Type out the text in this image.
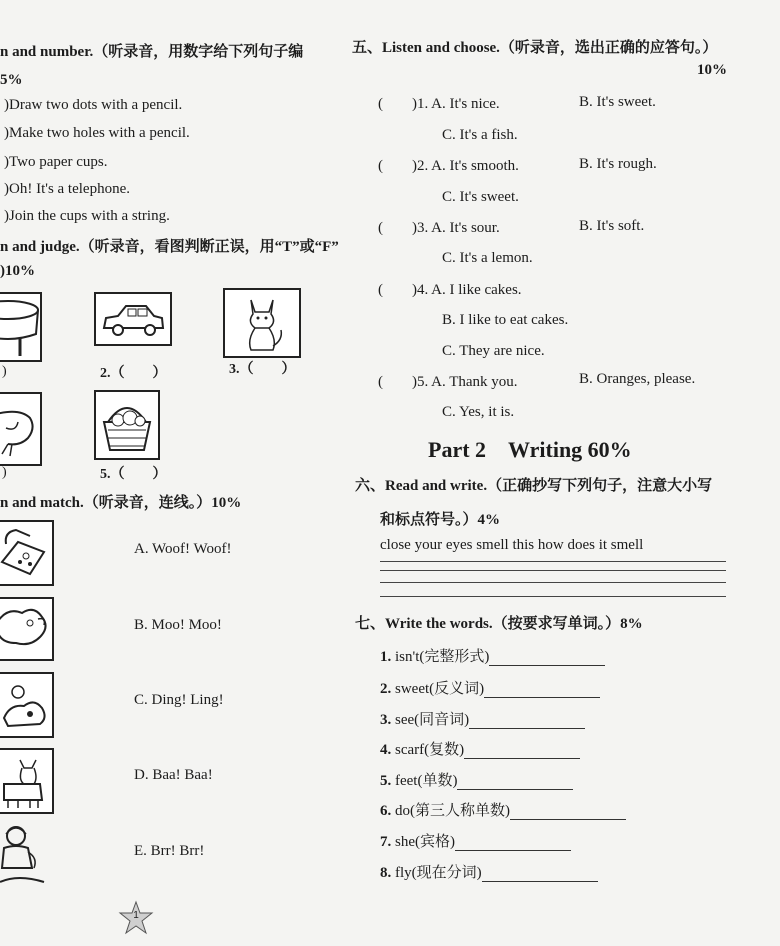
n and number.（听录音，用数字给下列句子编
5%
)Draw two dots with a pencil.
)Make two holes with a pencil.
)Two paper cups.
)Oh! It's a telephone.
)Join the cups with a string.
n and judge.（听录音，看图判断正误，用“T”或“F”
)10%
)	2.（　　）	3.（　　）
)	5.（　　）
n and match.（听录音，连线。）10%
A. Woof! Woof!
B. Moo! Moo!
C. Ding! Ling!
D. Baa! Baa!
E. Brr! Brr!
1
五、Listen and choose.（听录音，选出正确的应答句。）
10%
( )1. A. It's nice.	B. It's sweet.
C. It's a fish.
( )2. A. It's smooth.	B. It's rough.
C. It's sweet.
( )3. A. It's sour.	B. It's soft.
C. It's a lemon.
( )4. A. I like cakes.
B. I like to eat cakes.
C. They are nice.
( )5. A. Thank you.	B. Oranges, please.
C. Yes, it is.
Part 2　Writing 60%
六、Read and write.（正确抄写下列句子，注意大小写
和标点符号。）4%
close your eyes smell this how does it smell
七、Write the words.（按要求写单词。）8%
1. isn't(完整形式)
2. sweet(反义词)
3. see(同音词)
4. scarf(复数)
5. feet(单数)
6. do(第三人称单数)
7. she(宾格)
8. fly(现在分词)
